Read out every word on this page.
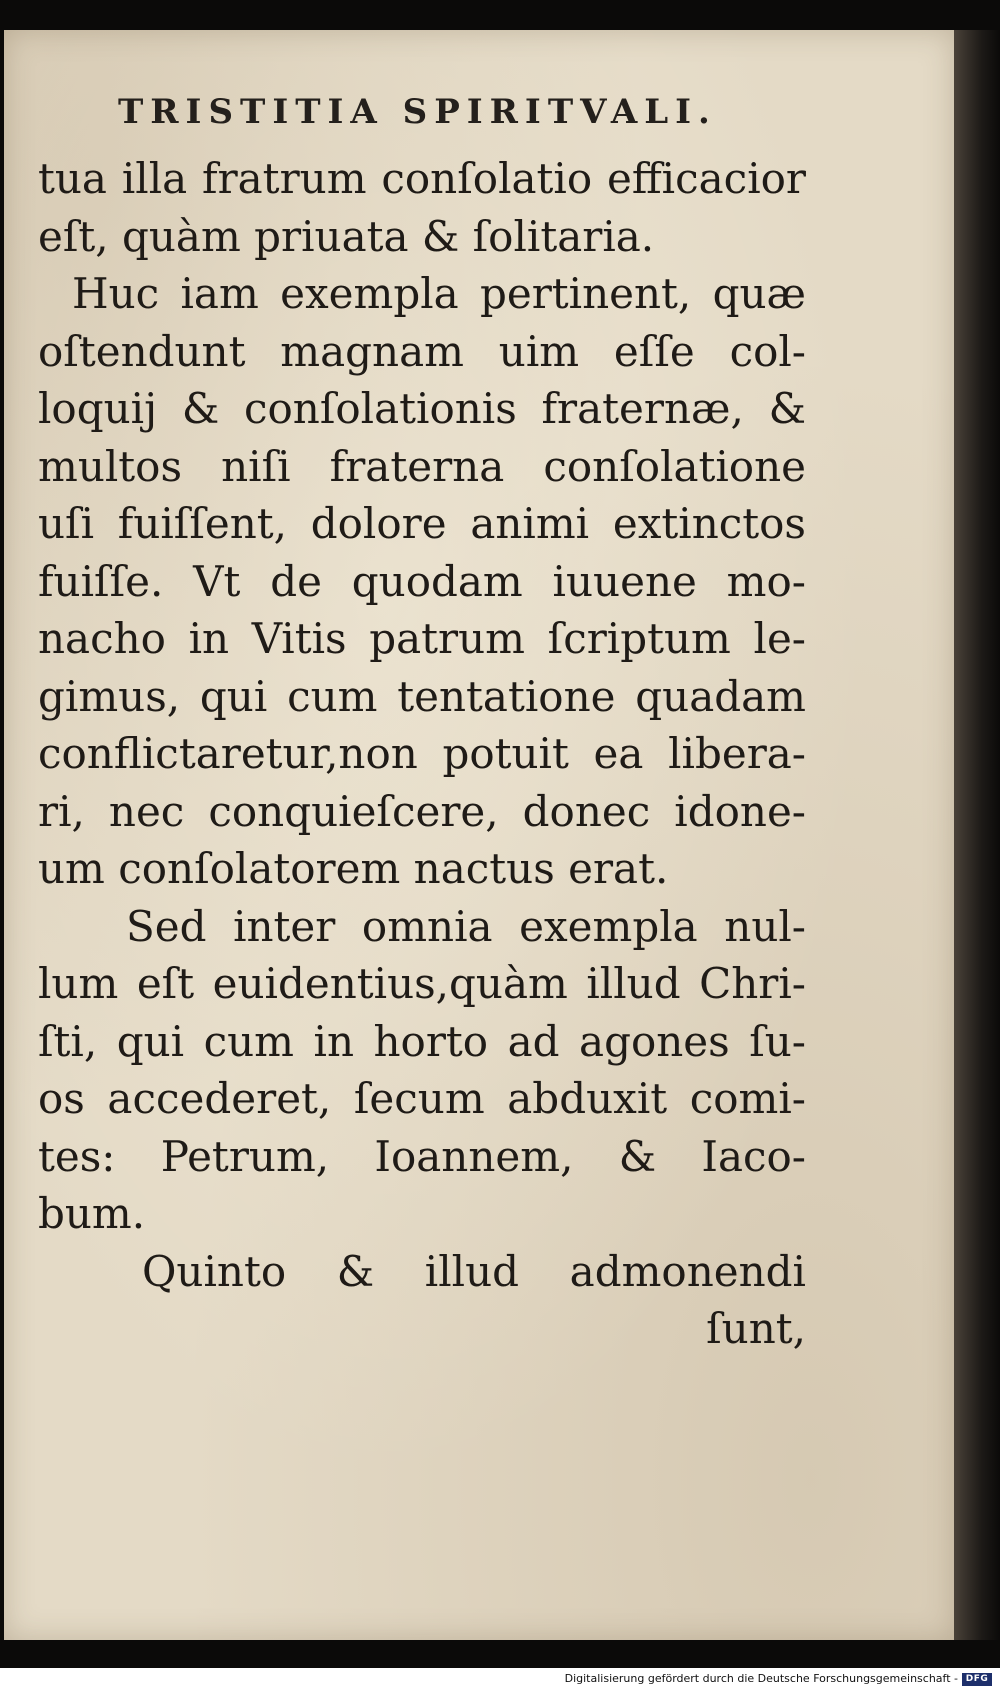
TRISTITIA SPIRITVALI.
tua illa fratrum conſolatio efficacior
eſt, quàm priuata & ſolitaria.
Huc iam exempla pertinent, quæ
oſtendunt magnam uim eſſe col-
loquij & conſolationis fraternæ, &
multos niſi fraterna conſolatione
uſi fuiſſent, dolore animi extinctos
fuiſſe. Vt de quodam iuuene mo-
nacho in Vitis patrum ſcriptum le-
gimus, qui cum tentatione quadam
conflictaretur,non potuit ea libera-
ri, nec conquieſcere, donec idone-
um conſolatorem nactus erat.
Sed inter omnia exempla nul-
lum eſt euidentius,quàm illud Chri-
ſti, qui cum in horto ad agones ſu-
os accederet, ſecum abduxit comi-
tes: Petrum, Ioannem, & Iaco-
bum.
Quinto & illud admonendi
ſunt,
Digitalisierung gefördert durch die Deutsche Forschungsgemeinschaft - DFG
